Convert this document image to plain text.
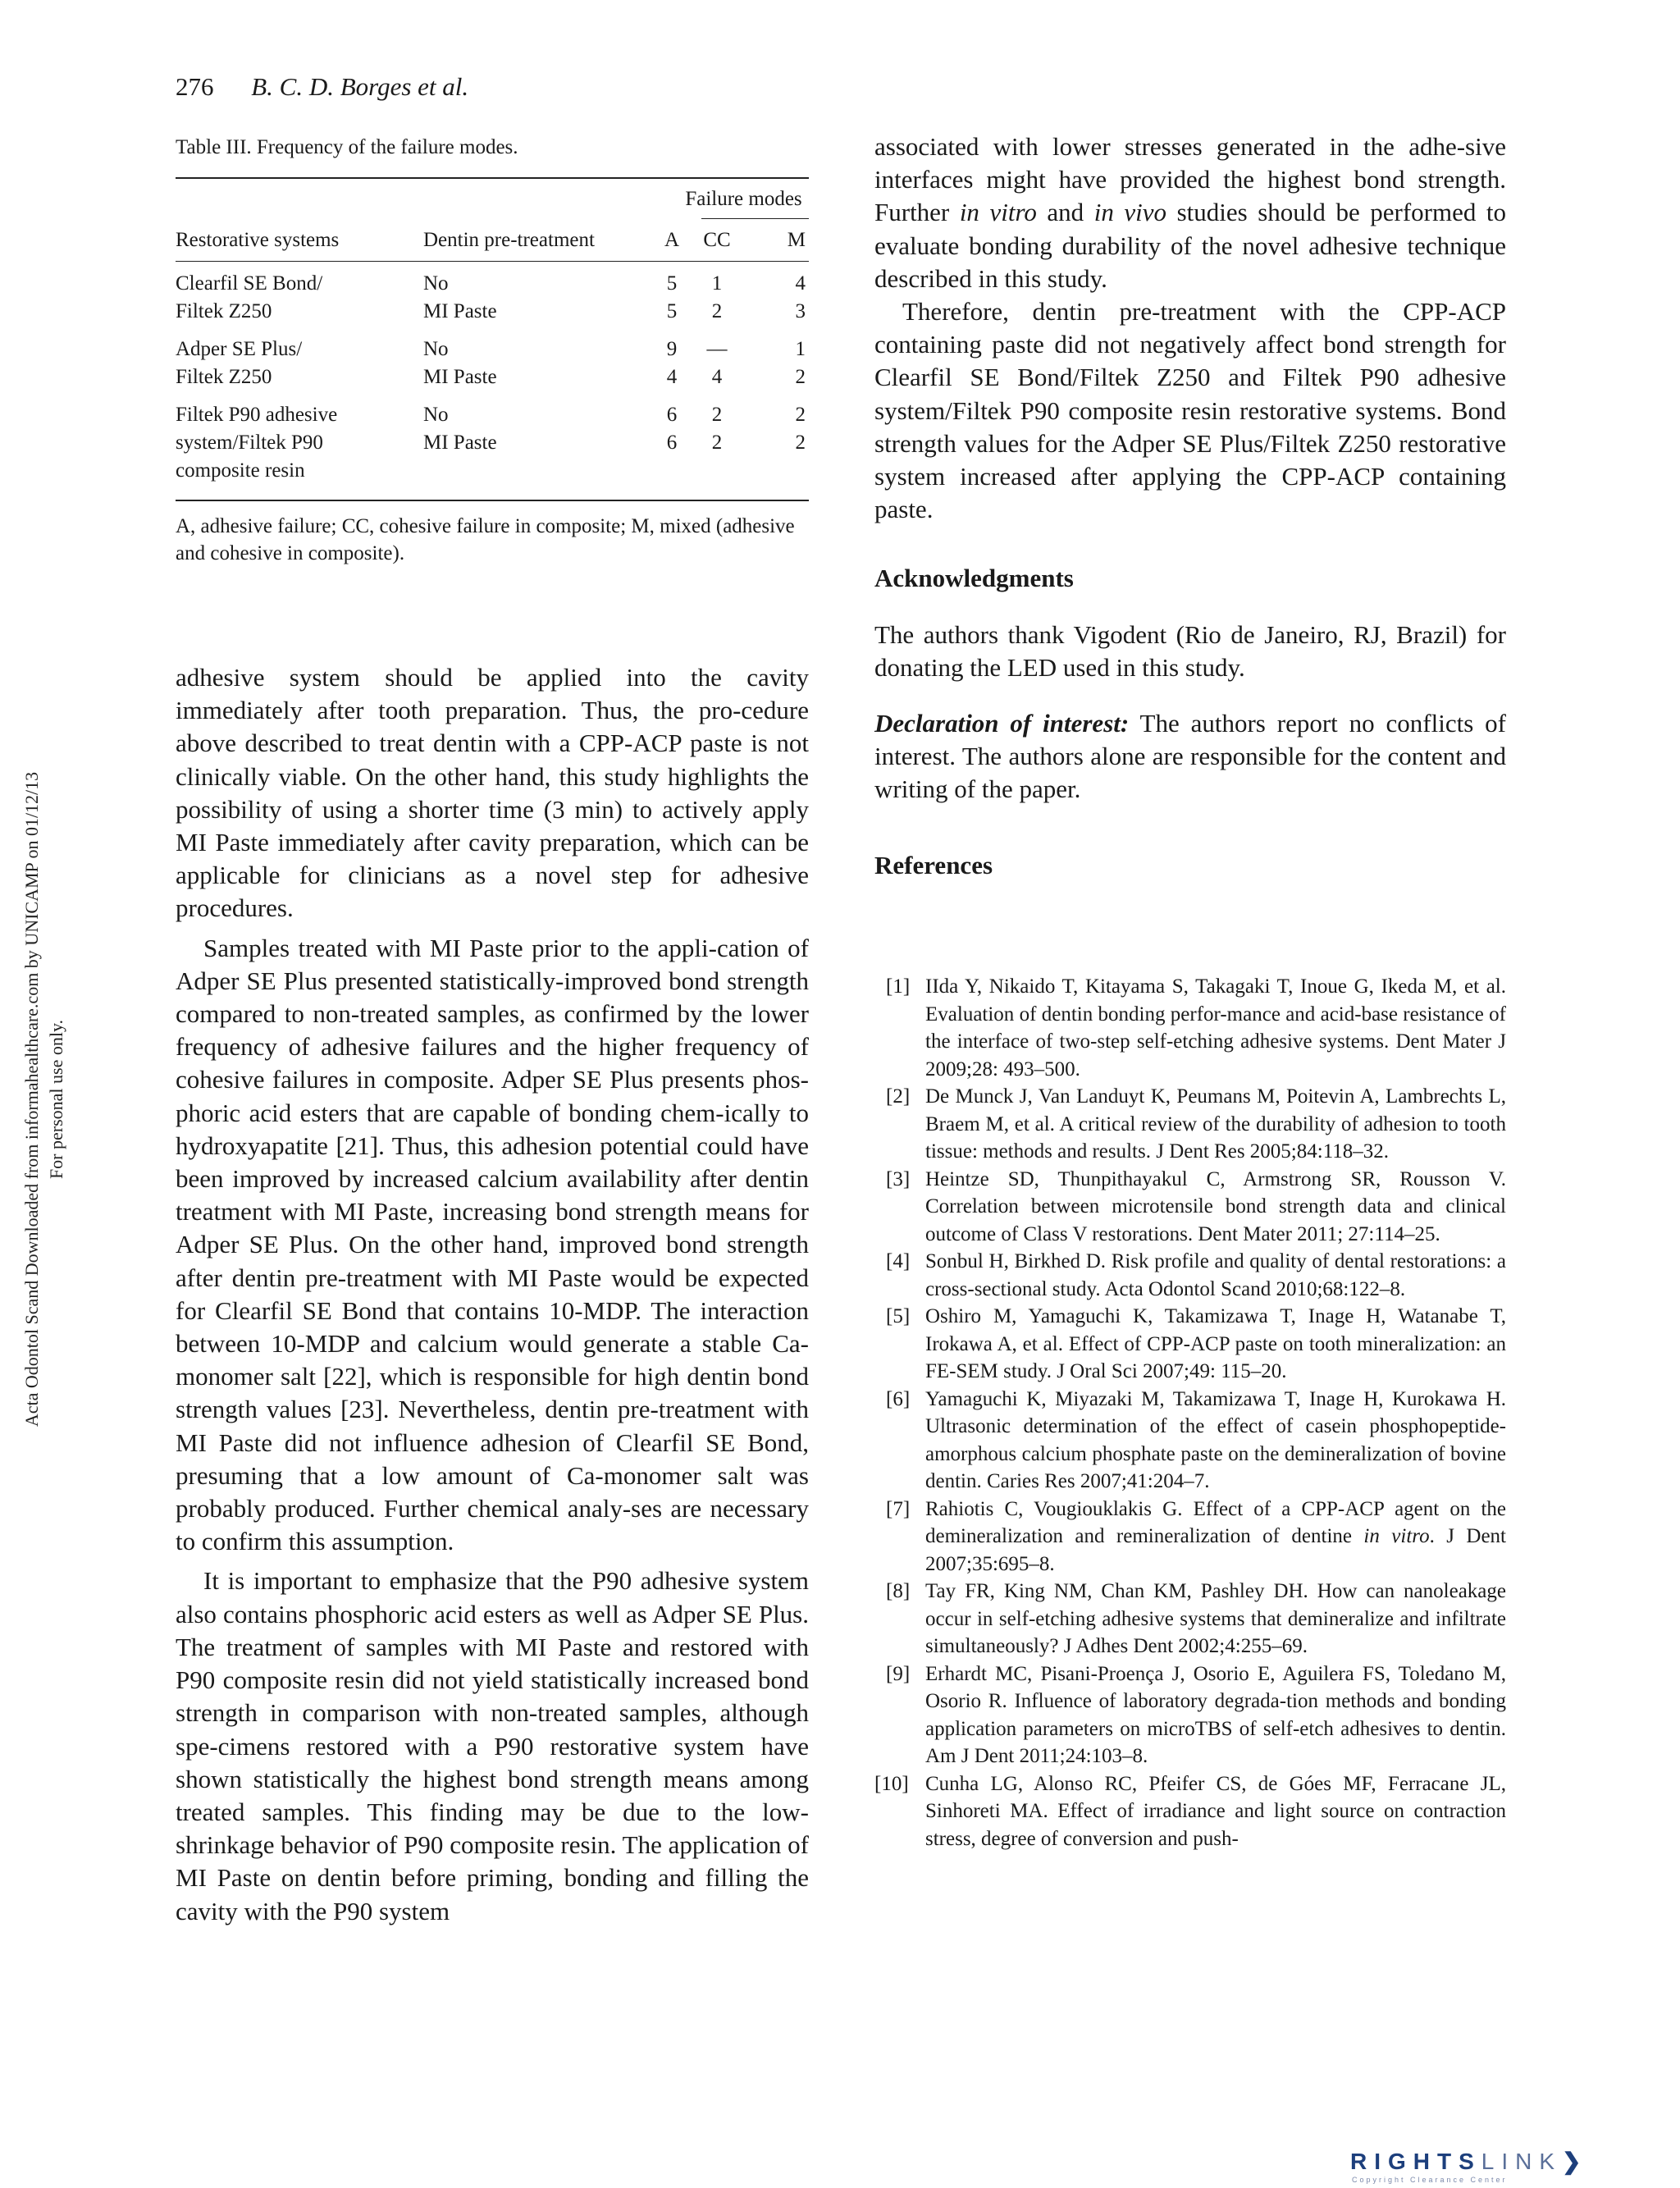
276 B. C. D. Borges et al.
Acta Odontol Scand Downloaded from informahealthcare.com by UNICAMP on 01/12/13 For personal use only.
Table III. Frequency of the failure modes.

		Failure modes		

Restorative systems	Dentin pre-treatment	A	CC	M
Clearfil SE Bond/	No	5	1	4
Filtek Z250	MI Paste	5	2	3

Adper SE Plus/	No	9	—	1
Filtek Z250	MI Paste	4	4	2

Filtek P90 adhesive	No	6	2	2
system/Filtek P90	MI Paste	6	2	2
composite resin				
A, adhesive failure; CC, cohesive failure in composite; M, mixed (adhesive and cohesive in composite).

adhesive system should be applied into the cavity immediately after tooth preparation. Thus, the pro-cedure above described to treat dentin with a CPP-ACP paste is not clinically viable. On the other hand, this study highlights the possibility of using a shorter time (3 min) to actively apply MI Paste immediately after cavity preparation, which can be applicable for clinicians as a novel step for adhesive procedures.

Samples treated with MI Paste prior to the appli-cation of Adper SE Plus presented statistically-improved bond strength compared to non-treated samples, as confirmed by the lower frequency of adhesive failures and the higher frequency of cohesive failures in composite. Adper SE Plus presents phos-phoric acid esters that are capable of bonding chem-ically to hydroxyapatite [21]. Thus, this adhesion potential could have been improved by increased calcium availability after dentin treatment with MI Paste, increasing bond strength means for Adper SE Plus. On the other hand, improved bond strength after dentin pre-treatment with MI Paste would be expected for Clearfil SE Bond that contains 10-MDP. The interaction between 10-MDP and calcium would generate a stable Ca-monomer salt [22], which is responsible for high dentin bond strength values [23]. Nevertheless, dentin pre-treatment with MI Paste did not influence adhesion of Clearfil SE Bond, presuming that a low amount of Ca-monomer salt was probably produced. Further chemical analy-ses are necessary to confirm this assumption.

It is important to emphasize that the P90 adhesive system also contains phosphoric acid esters as well as Adper SE Plus. The treatment of samples with MI Paste and restored with P90 composite resin did not yield statistically increased bond strength in comparison with non-treated samples, although spe-cimens restored with a P90 restorative system have shown statistically the highest bond strength means among treated samples. This finding may be due to the low-shrinkage behavior of P90 composite resin. The application of MI Paste on dentin before priming, bonding and filling the cavity with the P90 system

associated with lower stresses generated in the adhe-sive interfaces might have provided the highest bond strength. Further in vitro and in vivo studies should be performed to evaluate bonding durability of the novel adhesive technique described in this study.

Therefore, dentin pre-treatment with the CPP-ACP containing paste did not negatively affect bond strength for Clearfil SE Bond/Filtek Z250 and Filtek P90 adhesive system/Filtek P90 composite resin restorative systems. Bond strength values for the Adper SE Plus/Filtek Z250 restorative system increased after applying the CPP-ACP containing paste.

Acknowledgments

The authors thank Vigodent (Rio de Janeiro, RJ, Brazil) for donating the LED used in this study.

Declaration of interest: The authors report no conflicts of interest. The authors alone are responsible for the content and writing of the paper.

References
[1] IIda Y, Nikaido T, Kitayama S, Takagaki T, Inoue G, Ikeda M, et al. Evaluation of dentin bonding perfor-mance and acid-base resistance of the interface of two-step self-etching adhesive systems. Dent Mater J 2009;28: 493–500.
[2] De Munck J, Van Landuyt K, Peumans M, Poitevin A, Lambrechts L, Braem M, et al. A critical review of the durability of adhesion to tooth tissue: methods and results. J Dent Res 2005;84:118–32.
[3] Heintze SD, Thunpithayakul C, Armstrong SR, Rousson V. Correlation between microtensile bond strength data and clinical outcome of Class V restorations. Dent Mater 2011; 27:114–25.
[4] Sonbul H, Birkhed D. Risk profile and quality of dental restorations: a cross-sectional study. Acta Odontol Scand 2010;68:122–8.
[5] Oshiro M, Yamaguchi K, Takamizawa T, Inage H, Watanabe T, Irokawa A, et al. Effect of CPP-ACP paste on tooth mineralization: an FE-SEM study. J Oral Sci 2007;49: 115–20.
[6] Yamaguchi K, Miyazaki M, Takamizawa T, Inage H, Kurokawa H. Ultrasonic determination of the effect of casein phosphopeptide-amorphous calcium phosphate paste on the demineralization of bovine dentin. Caries Res 2007;41:204–7.
[7] Rahiotis C, Vougiouklakis G. Effect of a CPP-ACP agent on the demineralization and remineralization of dentine in vitro. J Dent 2007;35:695–8.
[8] Tay FR, King NM, Chan KM, Pashley DH. How can nanoleakage occur in self-etching adhesive systems that demineralize and infiltrate simultaneously? J Adhes Dent 2002;4:255–69.
[9] Erhardt MC, Pisani-Proença J, Osorio E, Aguilera FS, Toledano M, Osorio R. Influence of laboratory degrada-tion methods and bonding application parameters on microTBS of self-etch adhesives to dentin. Am J Dent 2011;24:103–8.
[10] Cunha LG, Alonso RC, Pfeifer CS, de Góes MF, Ferracane JL, Sinhoreti MA. Effect of irradiance and light source on contraction stress, degree of conversion and push-
RIGHTSLINK❯
Copyright Clearance Center
